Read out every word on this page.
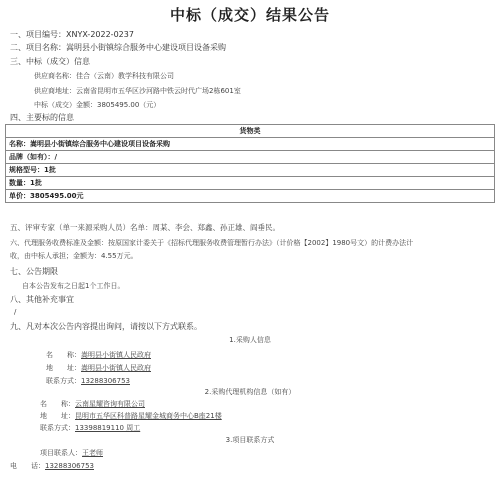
中标（成交）结果公告
一、项目编号：XNYX-2022-0237
二、项目名称：嵩明县小街镇综合服务中心建设项目设备采购
三、中标（成交）信息
供应商名称：佳合（云南）教学科技有限公司
供应商地址：云南省昆明市五华区沙河路中铁云时代广场2栋601室
中标（成交）金额：3805495.00（元）
四、主要标的信息
货物类
名称：嵩明县小街镇综合服务中心建设项目设备采购
品牌（如有）：/
规格型号：1批
数量：1批
单价：3805495.00元
五、评审专家（单一来源采购人员）名单：周某、李会、郑鑫、孙正雄、阎垂民。
六、代理服务收费标准及金额：按原国家计委关于《招标代理服务收费管理暂行办法》（计价格【2002】1980号文）的计费办法计
收，由中标人承担；金额为：4.55万元。
七、公告期限
自本公告发布之日起1个工作日。
八、其他补充事宜
/
九、凡对本次公告内容提出询问，请按以下方式联系。
1.采购人信息
名　　称：嵩明县小街镇人民政府
地　　址：嵩明县小街镇人民政府
联系方式：13288306753
2.采购代理机构信息（如有）
名　　称：云南星耀咨询有限公司
地　　址：昆明市五华区科普路星耀金城商务中心B座21楼
联系方式：13398819110 周工
3.项目联系方式
项目联系人：王老师
电　　话：13288306753
